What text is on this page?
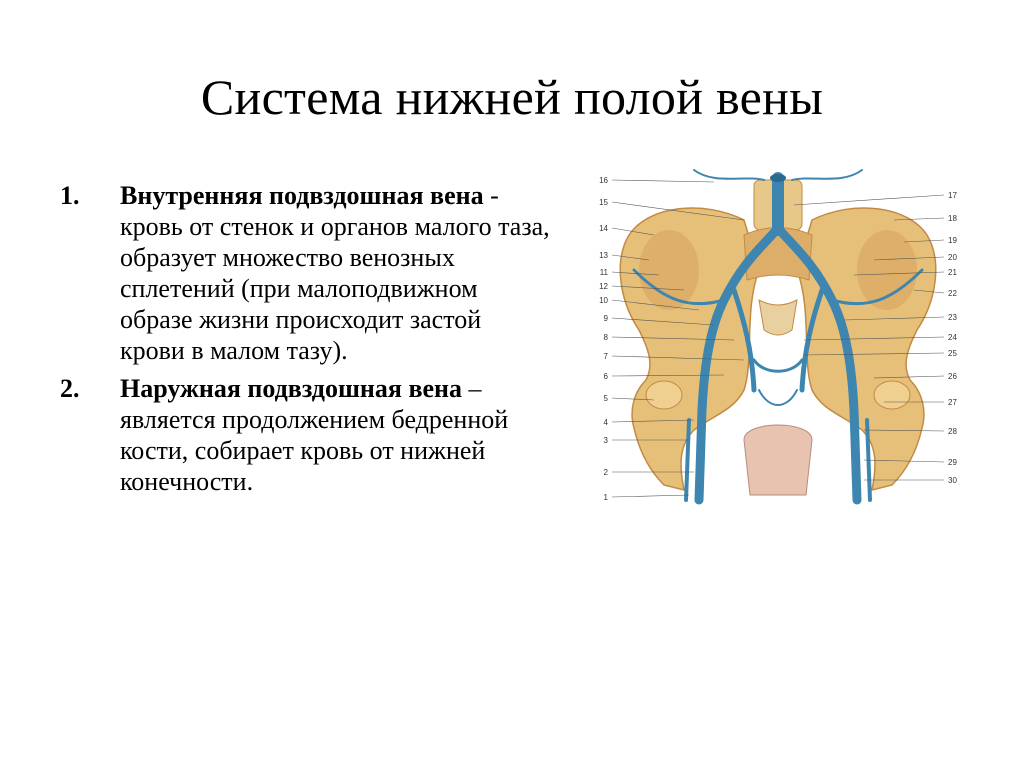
Система нижней полой вены
1.	Внутренняя подвздошная вена - кровь от стенок и органов малого таза, образует множество венозных сплетений (при малоподвижном образе жизни происходит застой крови в малом тазу).
2.	Наружная подвздошная вена – является продолжением бедренной кости, собирает кровь от нижней конечности.
16
15
14
13
11
12
10
9
8
7
6
5
4
3
2
1
17
18
19
20
21
22
23
24
25
26
27
28
29
30
